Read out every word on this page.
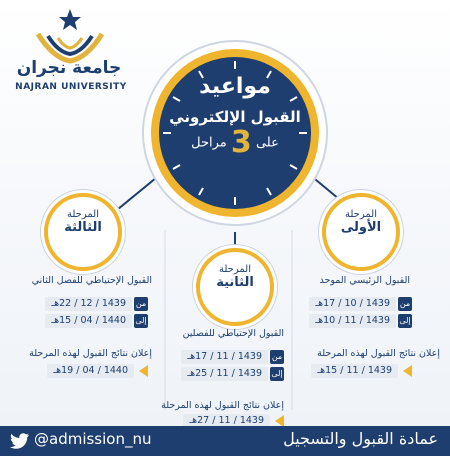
جامعة نجران
NAJRAN UNIVERSITY	مواعيد
القبول الإلكتروني
على 3 مراحل
المرحلة
الثالثة
القبول الإحتياطي للفصل الثاني
من
1439 / 12 / 22هـ
إلى
1440 / 04 / 15هـ
إعلان نتائج القبول لهذه المرحلة
1440 / 04 / 19هـ
المرحلة
الثانية
القبول الإحتياطي للفصلين
من
1439 / 11 / 17هـ
إلى
1439 / 11 / 25هـ
إعلان نتائج القبول لهذه المرحلة
1439 / 11 / 27هـ
المرحلة
الأولى
القبول الرئيسي الموحد
من
1439 / 10 / 17هـ
إلى
1439 / 11 / 10هـ
إعلان نتائج القبول لهذه المرحلة
1439 / 11 / 15هـ
@admission_nu	عمادة القبول والتسجيل
